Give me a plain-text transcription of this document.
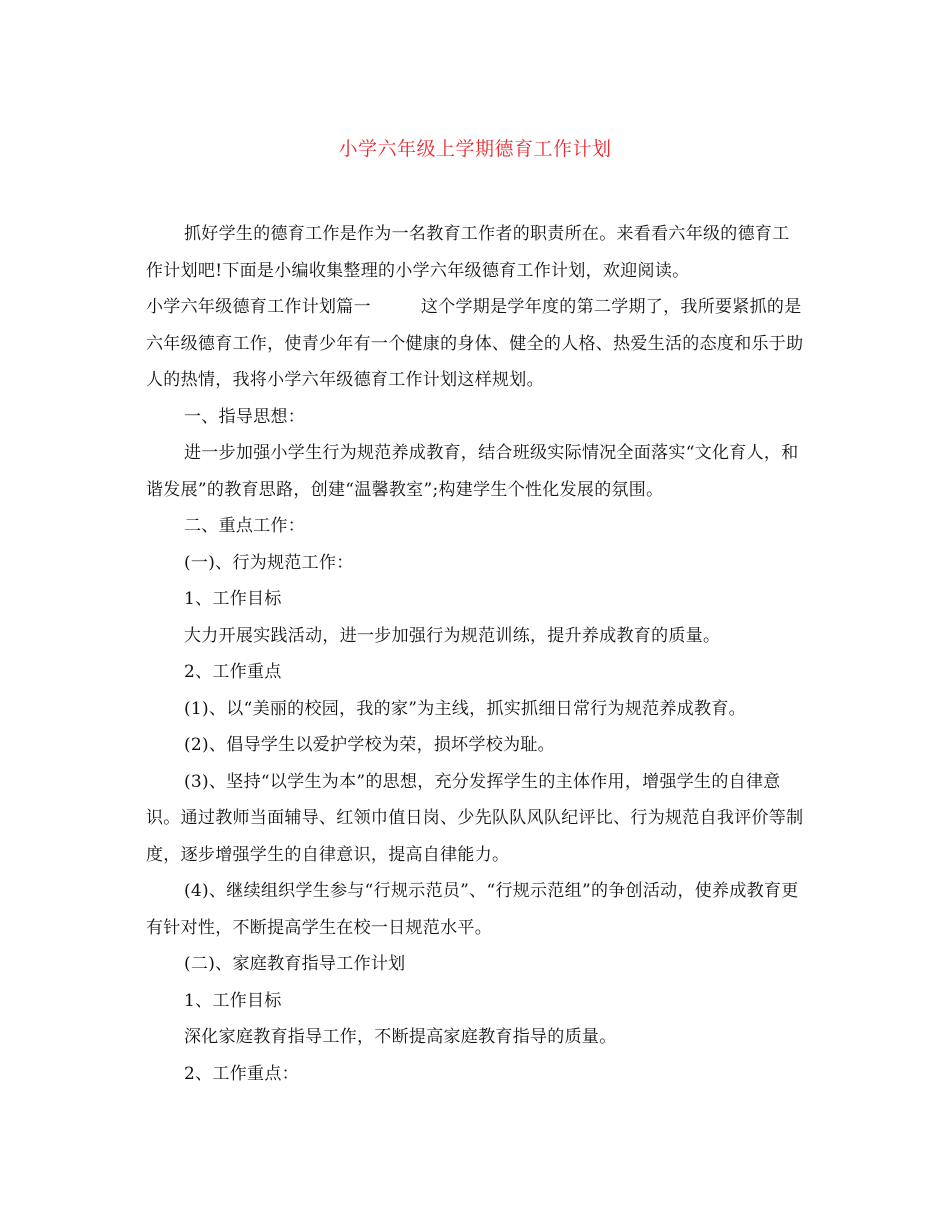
小学六年级上学期德育工作计划

抓好学生的德育工作是作为一名教育工作者的职责所在。来看看六年级的德育工作计划吧!下面是小编收集整理的小学六年级德育工作计划，欢迎阅读。

小学六年级德育工作计划篇一	这个学期是学年度的第二学期了，我所要紧抓的是六年级德育工作，使青少年有一个健康的身体、健全的人格、热爱生活的态度和乐于助人的热情，我将小学六年级德育工作计划这样规划。

一、指导思想：

进一步加强小学生行为规范养成教育，结合班级实际情况全面落实“文化育人，和谐发展”的教育思路，创建“温馨教室”;构建学生个性化发展的氛围。

二、重点工作：

(一)、行为规范工作：

1、工作目标

大力开展实践活动，进一步加强行为规范训练，提升养成教育的质量。

2、工作重点

(1)、以“美丽的校园，我的家”为主线，抓实抓细日常行为规范养成教育。

(2)、倡导学生以爱护学校为荣，损坏学校为耻。

(3)、坚持“以学生为本”的思想，充分发挥学生的主体作用，增强学生的自律意识。通过教师当面辅导、红领巾值日岗、少先队队风队纪评比、行为规范自我评价等制度，逐步增强学生的自律意识，提高自律能力。

(4)、继续组织学生参与“行规示范员”、“行规示范组”的争创活动，使养成教育更有针对性，不断提高学生在校一日规范水平。

(二)、家庭教育指导工作计划

1、工作目标

深化家庭教育指导工作，不断提高家庭教育指导的质量。

2、工作重点：
